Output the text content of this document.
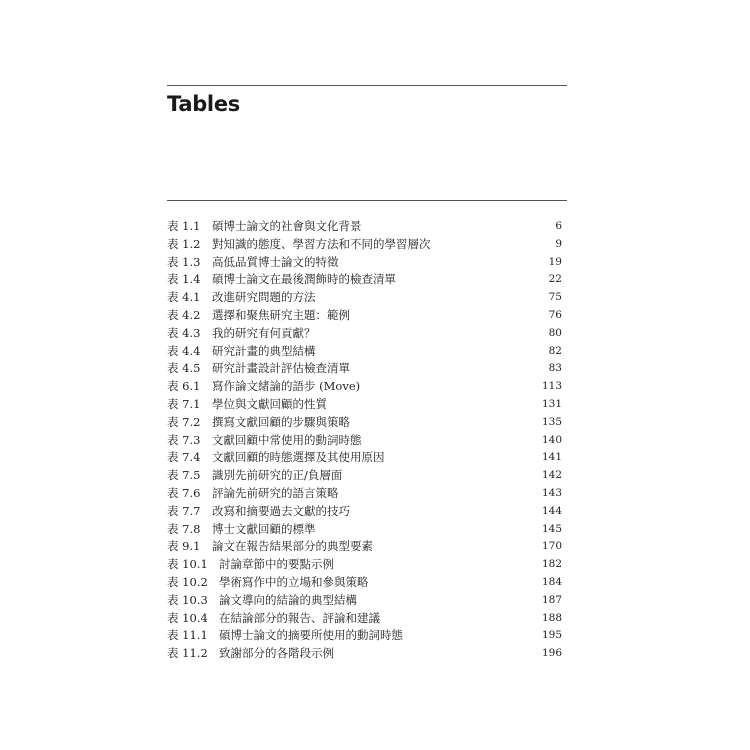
Tables
表 1.1 碩博士論文的社會與文化背景	6
表 1.2 對知識的態度、學習方法和不同的學習層次	9
表 1.3 高低品質博士論文的特徵	19
表 1.4 碩博士論文在最後潤飾時的檢查清單	22
表 4.1 改進研究問題的方法	75
表 4.2 選擇和聚焦研究主題：範例	76
表 4.3 我的研究有何貢獻？	80
表 4.4 研究計畫的典型結構	82
表 4.5 研究計畫設計評估檢查清單	83
表 6.1 寫作論文緒論的語步 (Move)	113
表 7.1 學位與文獻回顧的性質	131
表 7.2 撰寫文獻回顧的步驟與策略	135
表 7.3 文獻回顧中常使用的動詞時態	140
表 7.4 文獻回顧的時態選擇及其使用原因	141
表 7.5 識別先前研究的正/負層面	142
表 7.6 評論先前研究的語言策略	143
表 7.7 改寫和摘要過去文獻的技巧	144
表 7.8 博士文獻回顧的標準	145
表 9.1 論文在報告結果部分的典型要素	170
表 10.1 討論章節中的要點示例	182
表 10.2 學術寫作中的立場和參與策略	184
表 10.3 論文導向的結論的典型結構	187
表 10.4 在結論部分的報告、評論和建議	188
表 11.1 碩博士論文的摘要所使用的動詞時態	195
表 11.2 致謝部分的各階段示例	196
